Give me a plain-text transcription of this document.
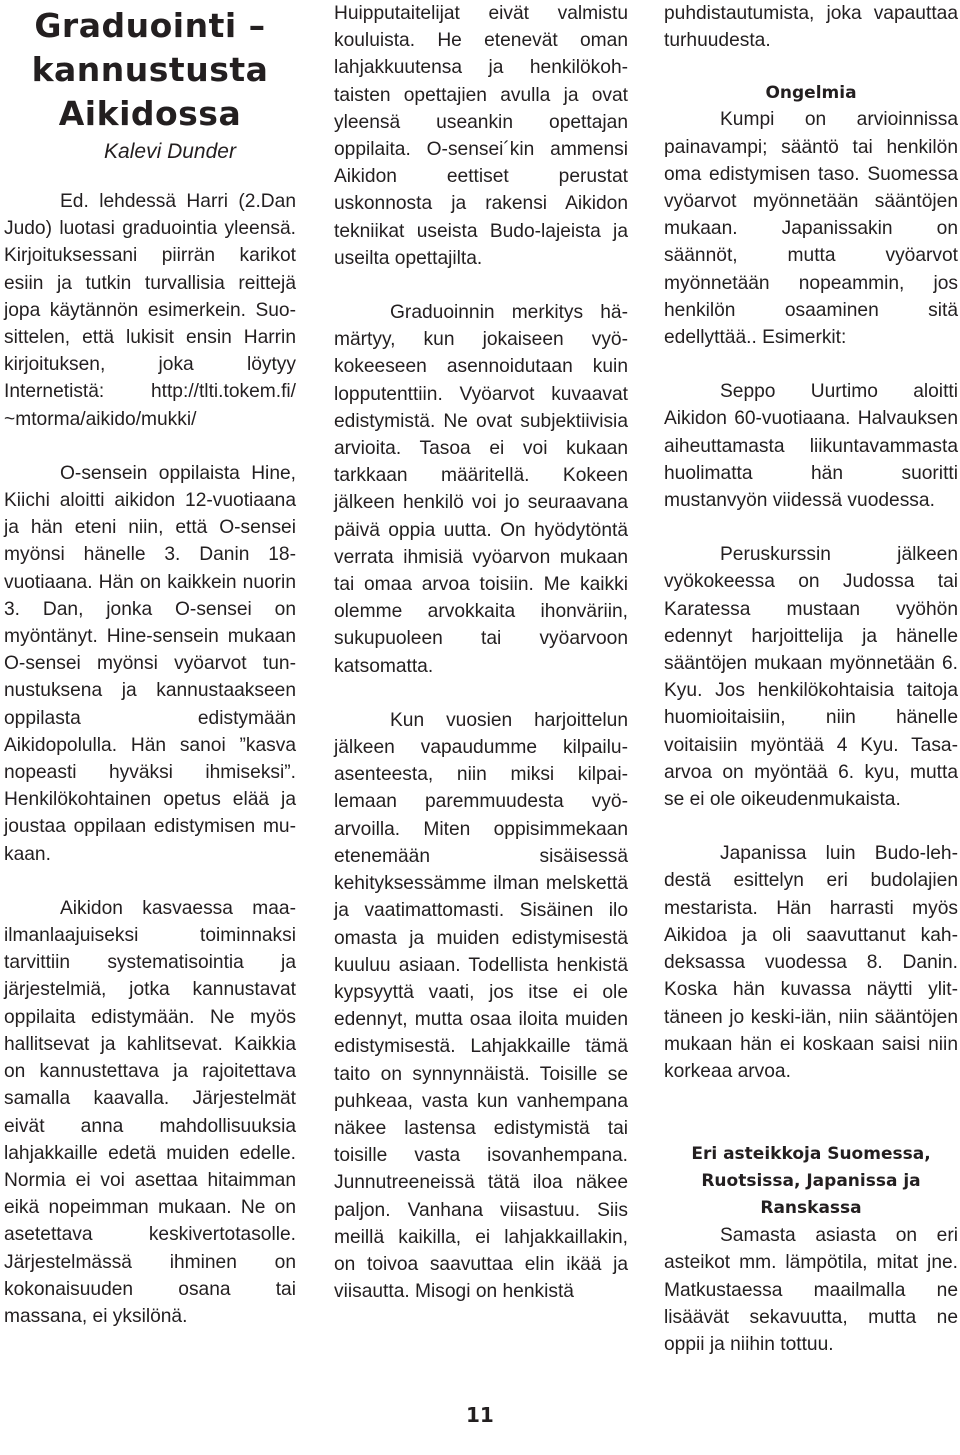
Graduointi – kannustusta Aikidossa
Kalevi Dunder

Ed. lehdessä Harri (2.Dan Judo) luotasi graduointia yleensä. Kirjoituksessani piirrän karikot esiin ja tutkin turvallisia reittejä jopa käytännön esimerkein. Suosittelen, että lukisit ensin Harrin kirjoituksen, joka löytyy Internetistä: http://tlti.tokem.fi/ ~mtorma/aikido/mukki/

O-sensein oppilaista Hine, Kiichi aloitti aikidon 12-vuotiaana ja hän eteni niin, että O-sensei myönsi hänelle 3. Danin 18-vuotiaana. Hän on kaikkein nuorin 3. Dan, jonka O-sensei on myöntänyt. Hine-sensein mukaan O-sensei myönsi vyöarvot tunnustuksena ja kannustaakseen oppilasta edistymään Aikidopolulla. Hän sanoi ”kasva nopeasti hyväksi ihmiseksi”. Henkilökohtainen opetus elää ja joustaa oppilaan edistymisen mukaan.

Aikidon kasvaessa maailmanlaajuiseksi toiminnaksi tarvittiin systematisointia ja järjestelmiä, jotka kannustavat oppilaita edistymään. Ne myös hallitsevat ja kahlitsevat. Kaikkia on kannustettava ja rajoitettava samalla kaavalla. Järjestelmät eivät anna mahdollisuuksia lahjakkaille edetä muiden edelle. Normia ei voi asettaa hitaimman eikä nopeimman mukaan. Ne on asetettava keskivertotasolle. Järjestelmässä ihminen on kokonaisuuden osana tai massana, ei yksilönä.

Huipputaitelijat eivät valmistu kouluista. He etenevät oman lahjakkuutensa ja henkilökohtaisten opettajien avulla ja ovat yleensä useankin opettajan oppilaita. O-sensei´kin ammensi Aikidon eettiset perustat uskonnosta ja rakensi Aikidon tekniikat useista Budo-lajeista ja useilta opettajilta.

Graduoinnin merkitys hämärtyy, kun jokaiseen vyökokeeseen asennoidutaan kuin lopputenttiin. Vyöarvot kuvaavat edistymistä. Ne ovat subjektiivisia arvioita. Tasoa ei voi kukaan tarkkaan määritellä. Kokeen jälkeen henkilö voi jo seuraavana päivä oppia uutta. On hyödytöntä verrata ihmisiä vyöarvon mukaan tai omaa arvoa toisiin. Me kaikki olemme arvokkaita ihonväriin, sukupuoleen tai vyöarvoon katsomatta.

Kun vuosien harjoittelun jälkeen vapaudumme kilpailuasenteesta, niin miksi kilpailemaan paremmuudesta vyöarvoilla. Miten oppisimmekaan etenemään sisäisessä kehityksessämme ilman melskettä ja vaatimattomasti. Sisäinen ilo omasta ja muiden edistymisestä kuuluu asiaan. Todellista henkistä kypsyyttä vaati, jos itse ei ole edennyt, mutta osaa iloita muiden edistymisestä. Lahjakkaille tämä taito on synnynnäistä. Toisille se puhkeaa, vasta kun vanhempana näkee lastensa edistymistä tai toisille vasta isovanhempana. Junnutreeneissä tätä iloa näkee paljon. Vanhana viisastuu. Siis meillä kaikilla, ei lahjakkaillakin, on toivoa saavuttaa elin ikää ja viisautta. Misogi on henkistä

puhdistautumista, joka vapauttaa turhuudesta.

Ongelmia

Kumpi on arvioinnissa painavampi; sääntö tai henkilön oma edistymisen taso. Suomessa vyöarvot myönnetään sääntöjen mukaan. Japanissakin on säännöt, mutta vyöarvot myönnetään nopeammin, jos henkilön osaaminen sitä edellyttää.. Esimerkit:

Seppo Uurtimo aloitti Aikidon 60-vuotiaana. Halvauksen aiheuttamasta liikuntavammasta huolimatta hän suoritti mustanvyön viidessä vuodessa.

Peruskurssin jälkeen vyökokeessa on Judossa tai Karatessa mustaan vyöhön edennyt harjoittelija ja hänelle sääntöjen mukaan myönnetään 6. Kyu. Jos henkilökohtaisia taitoja huomioitaisiin, niin hänelle voitaisiin myöntää 4 Kyu. Tasa-arvoa on myöntää 6. kyu, mutta se ei ole oikeudenmukaista.

Japanissa luin Budo-lehdestä esittelyn eri budolajien mestarista. Hän harrasti myös Aikidoa ja oli saavuttanut kahdeksassa vuodessa 8. Danin. Koska hän kuvassa näytti ylittäneen jo keski-iän, niin sääntöjen mukaan hän ei koskaan saisi niin korkeaa arvoa.

Eri asteikkoja Suomessa, Ruotsissa, Japanissa ja Ranskassa

Samasta asiasta on eri asteikot mm. lämpötila, mitat jne. Matkustaessa maailmalla ne lisäävät sekavuutta, mutta ne oppii ja niihin tottuu.

11
